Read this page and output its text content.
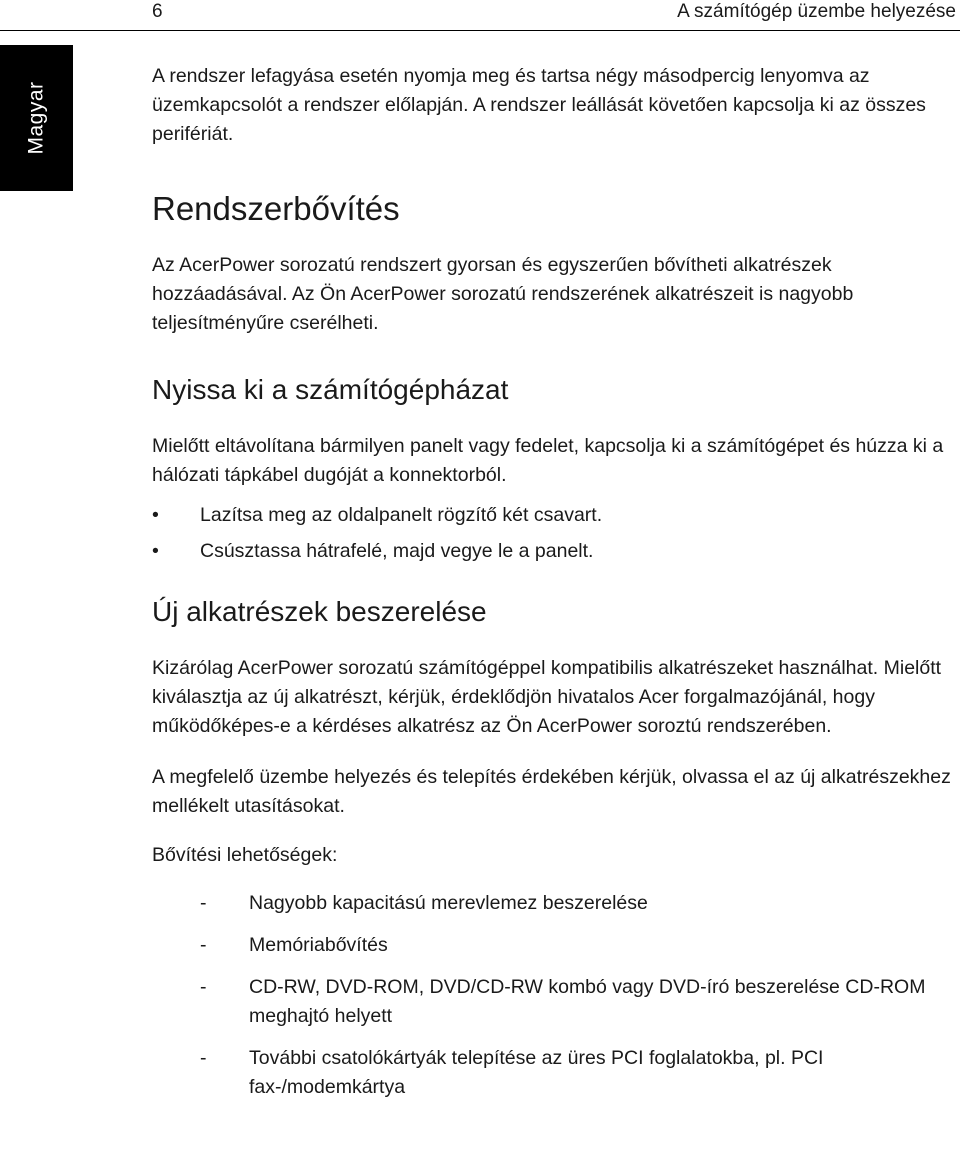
6	A számítógép üzembe helyezése
Magyar

A rendszer lefagyása esetén nyomja meg és tartsa négy másodpercig lenyomva az üzemkapcsolót a rendszer előlapján. A rendszer leállását követően kapcsolja ki az összes perifériát.

Rendszerbővítés

Az AcerPower sorozatú rendszert gyorsan és egyszerűen bővítheti alkatrészek hozzáadásával. Az Ön AcerPower sorozatú rendszerének alkatrészeit is nagyobb teljesítményűre cserélheti.

Nyissa ki a számítógépházat

Mielőtt eltávolítana bármilyen panelt vagy fedelet, kapcsolja ki a számítógépet és húzza ki a hálózati tápkábel dugóját a konnektorból.

• Lazítsa meg az oldalpanelt rögzítő két csavart.
• Csúsztassa hátrafelé, majd vegye le a panelt.
Új alkatrészek beszerelése

Kizárólag AcerPower sorozatú számítógéppel kompatibilis alkatrészeket használhat. Mielőtt kiválasztja az új alkatrészt, kérjük, érdeklődjön hivatalos Acer forgalmazójánál, hogy működőképes-e a kérdéses alkatrész az Ön AcerPower soroztú rendszerében.

A megfelelő üzembe helyezés és telepítés érdekében kérjük, olvassa el az új alkatrészekhez mellékelt utasításokat.

Bővítési lehetőségek:

- Nagyobb kapacitású merevlemez beszerelése
- Memóriabővítés
- CD-RW, DVD-ROM, DVD/CD-RW kombó vagy DVD-író beszerelése CD-ROM meghajtó helyett
- További csatolókártyák telepítése az üres PCI foglalatokba, pl. PCI fax-/modemkártya
